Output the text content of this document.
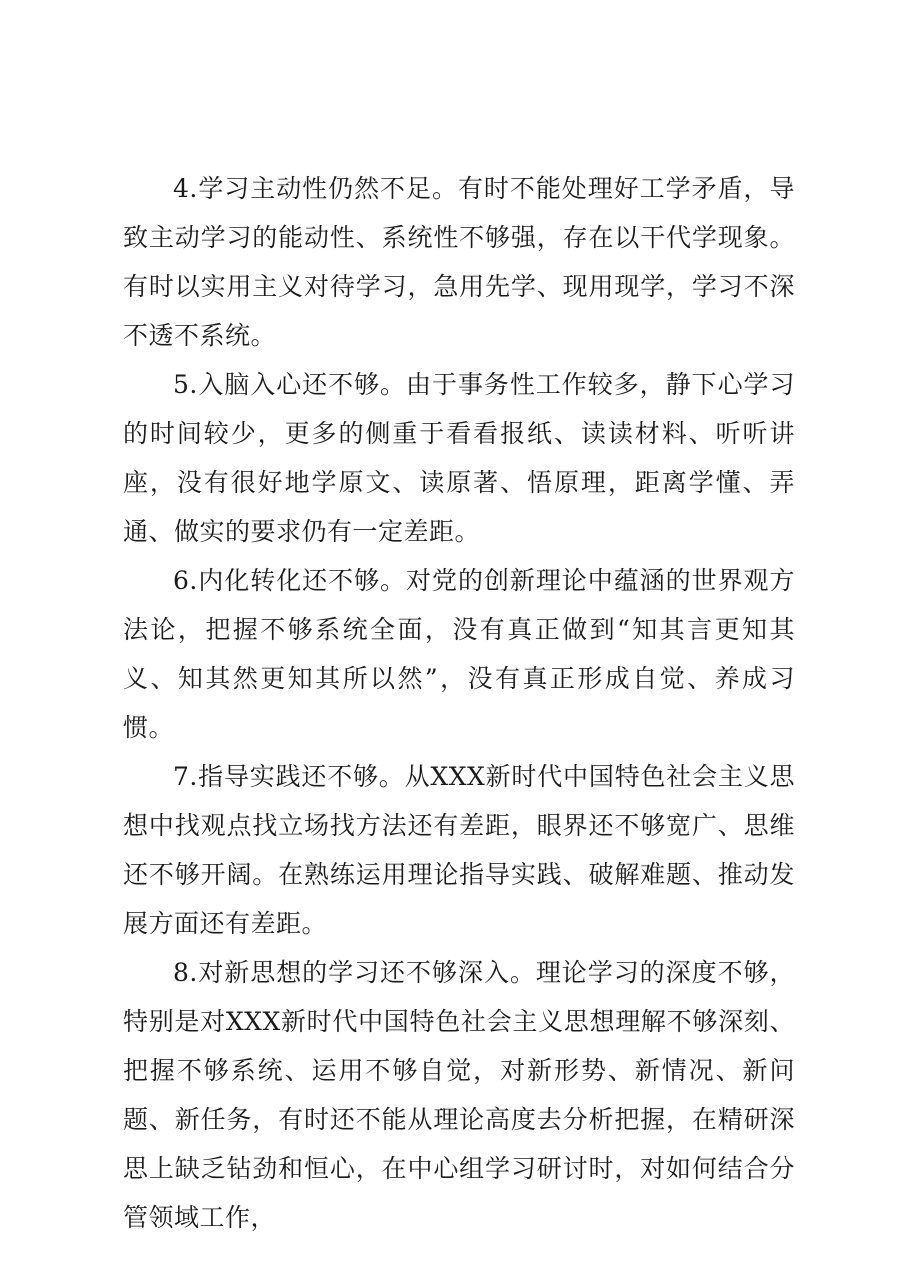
4.学习主动性仍然不足。有时不能处理好工学矛盾，导致主动学习的能动性、系统性不够强，存在以干代学现象。有时以实用主义对待学习，急用先学、现用现学，学习不深不透不系统。

5.入脑入心还不够。由于事务性工作较多，静下心学习的时间较少，更多的侧重于看看报纸、读读材料、听听讲座，没有很好地学原文、读原著、悟原理，距离学懂、弄通、做实的要求仍有一定差距。

6.内化转化还不够。对党的创新理论中蕴涵的世界观方法论，把握不够系统全面，没有真正做到“知其言更知其义、知其然更知其所以然”，没有真正形成自觉、养成习惯。

7.指导实践还不够。从XXX新时代中国特色社会主义思想中找观点找立场找方法还有差距，眼界还不够宽广、思维还不够开阔。在熟练运用理论指导实践、破解难题、推动发展方面还有差距。

8.对新思想的学习还不够深入。理论学习的深度不够，特别是对XXX新时代中国特色社会主义思想理解不够深刻、把握不够系统、运用不够自觉，对新形势、新情况、新问题、新任务，有时还不能从理论高度去分析把握，在精研深思上缺乏钻劲和恒心，在中心组学习研讨时，对如何结合分管领域工作，
